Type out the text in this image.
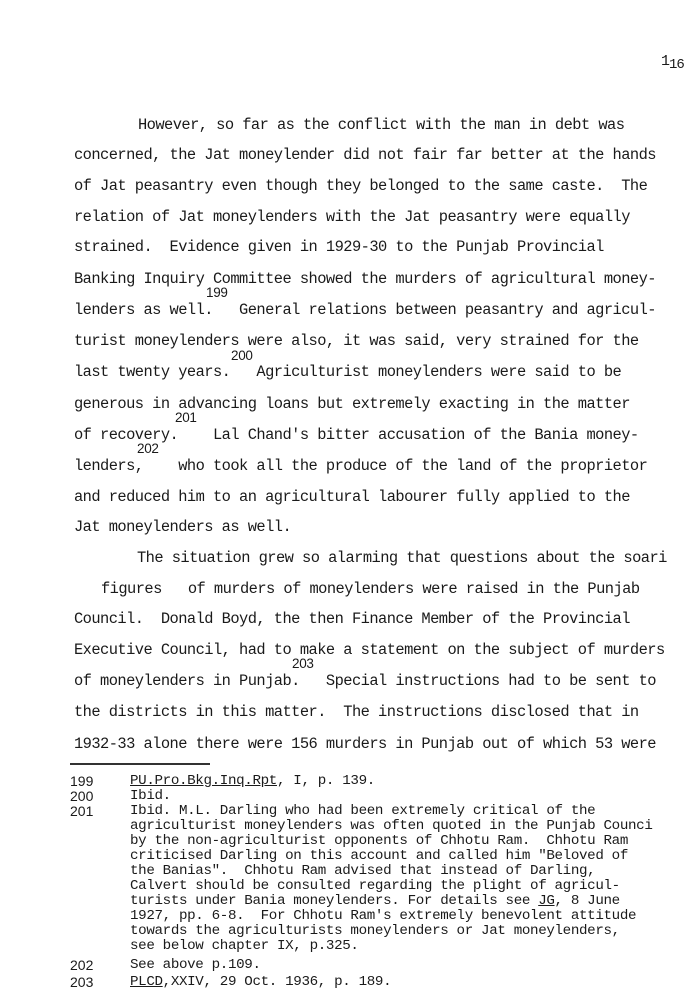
116
However, so far as the conflict with the man in debt was
concerned, the Jat moneylender did not fair far better at the hands
of Jat peasantry even though they belonged to the same caste.  The
relation of Jat moneylenders with the Jat peasantry were equally
strained.  Evidence given in 1929-30 to the Punjab Provincial
Banking Inquiry Committee showed the murders of agricultural money-
199
lenders as well.   General relations between peasantry and agricul-
turist moneylenders were also, it was said, very strained for the
200
last twenty years.   Agriculturist moneylenders were said to be
generous in advancing loans but extremely exacting in the matter
201
of recovery.    Lal Chand's bitter accusation of the Bania money-
202
lenders,    who took all the produce of the land of the proprietor
and reduced him to an agricultural labourer fully applied to the
Jat moneylenders as well.
The situation grew so alarming that questions about the soari
figures   of murders of moneylenders were raised in the Punjab
Council.  Donald Boyd, the then Finance Member of the Provincial
Executive Council, had to make a statement on the subject of murders
203
of moneylenders in Punjab.   Special instructions had to be sent to
the districts in this matter.  The instructions disclosed that in
1932-33 alone there were 156 murders in Punjab out of which 53 were
199	PU.Pro.Bkg.Inq.Rpt, I, p. 139.
200	Ibid.
201	Ibid. M.L. Darling who had been extremely critical of the
agriculturist moneylenders was often quoted in the Punjab Counci
by the non-agriculturist opponents of Chhotu Ram.  Chhotu Ram
criticised Darling on this account and called him "Beloved of
the Banias".  Chhotu Ram advised that instead of Darling,
Calvert should be consulted regarding the plight of agricul-
turists under Bania moneylenders. For details see JG, 8 June
1927, pp. 6-8.  For Chhotu Ram's extremely benevolent attitude
towards the agriculturists moneylenders or Jat moneylenders,
see below chapter IX, p.325.
202	See above p.109.
203	PLCD,XXIV, 29 Oct. 1936, p. 189.
